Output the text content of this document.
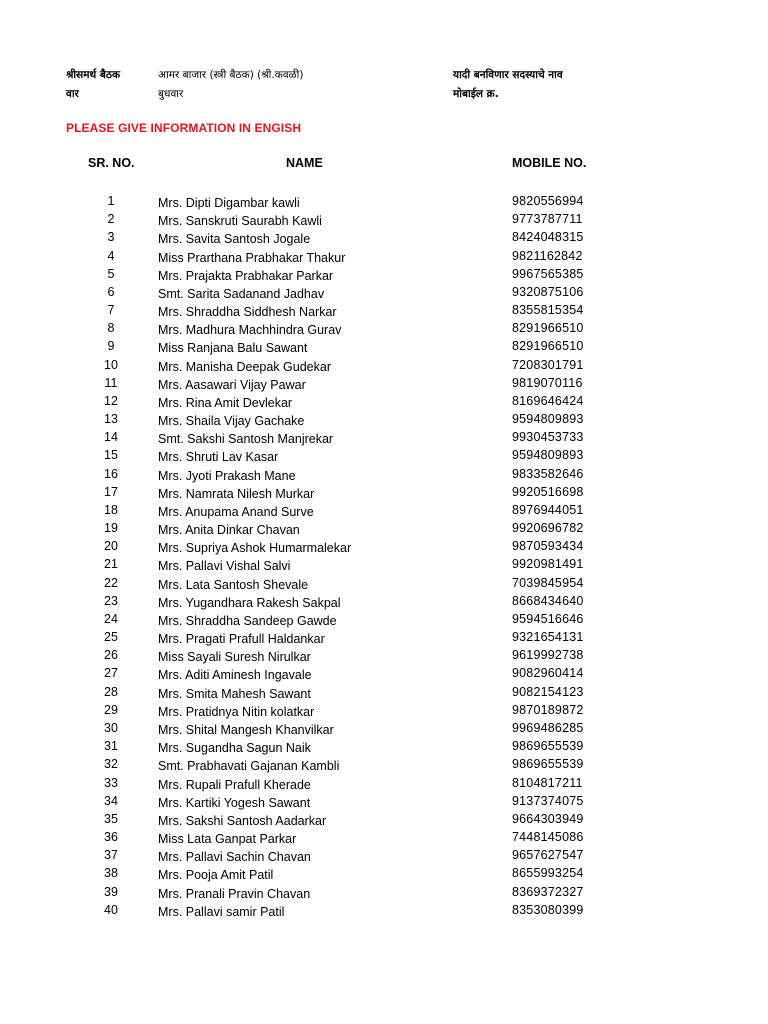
श्रीसमर्थ बैठक	आमर बाजार (स्त्री बैठक) (श्री.कवळी)	यादी बनविणार सदस्याचे नाव
वार	बुधवार	मोबाईल क्र.
PLEASE GIVE INFORMATION IN ENGISH
SR. NO.	NAME	MOBILE NO.
1	Mrs. Dipti Digambar kawli	9820556994
2	Mrs. Sanskruti Saurabh Kawli	9773787711
3	Mrs. Savita Santosh Jogale	8424048315
4	Miss Prarthana Prabhakar Thakur	9821162842
5	Mrs. Prajakta Prabhakar Parkar	9967565385
6	Smt. Sarita Sadanand Jadhav	9320875106
7	Mrs. Shraddha Siddhesh Narkar	8355815354
8	Mrs. Madhura Machhindra Gurav	8291966510
9	Miss Ranjana Balu Sawant	8291966510
10	Mrs. Manisha Deepak Gudekar	7208301791
11	Mrs. Aasawari Vijay Pawar	9819070116
12	Mrs. Rina Amit Devlekar	8169646424
13	Mrs. Shaila Vijay Gachake	9594809893
14	Smt. Sakshi Santosh Manjrekar	9930453733
15	Mrs. Shruti Lav Kasar	9594809893
16	Mrs. Jyoti Prakash Mane	9833582646
17	Mrs. Namrata Nilesh Murkar	9920516698
18	Mrs. Anupama Anand Surve	8976944051
19	Mrs. Anita Dinkar Chavan	9920696782
20	Mrs. Supriya Ashok Humarmalekar	9870593434
21	Mrs. Pallavi Vishal Salvi	9920981491
22	Mrs. Lata Santosh Shevale	7039845954
23	Mrs. Yugandhara Rakesh Sakpal	8668434640
24	Mrs. Shraddha Sandeep Gawde	9594516646
25	Mrs. Pragati Prafull Haldankar	9321654131
26	Miss Sayali Suresh Nirulkar	9619992738
27	Mrs. Aditi Aminesh Ingavale	9082960414
28	Mrs. Smita Mahesh Sawant	9082154123
29	Mrs. Pratidnya Nitin kolatkar	9870189872
30	Mrs. Shital Mangesh Khanvilkar	9969486285
31	Mrs. Sugandha Sagun Naik	9869655539
32	Smt. Prabhavati Gajanan Kambli	9869655539
33	Mrs. Rupali Prafull Kherade	8104817211
34	Mrs. Kartiki Yogesh Sawant	9137374075
35	Mrs. Sakshi Santosh Aadarkar	9664303949
36	Miss Lata Ganpat Parkar	7448145086
37	Mrs. Pallavi Sachin Chavan	9657627547
38	Mrs. Pooja Amit Patil	8655993254
39	Mrs. Pranali Pravin Chavan	8369372327
40	Mrs. Pallavi samir Patil	8353080399
